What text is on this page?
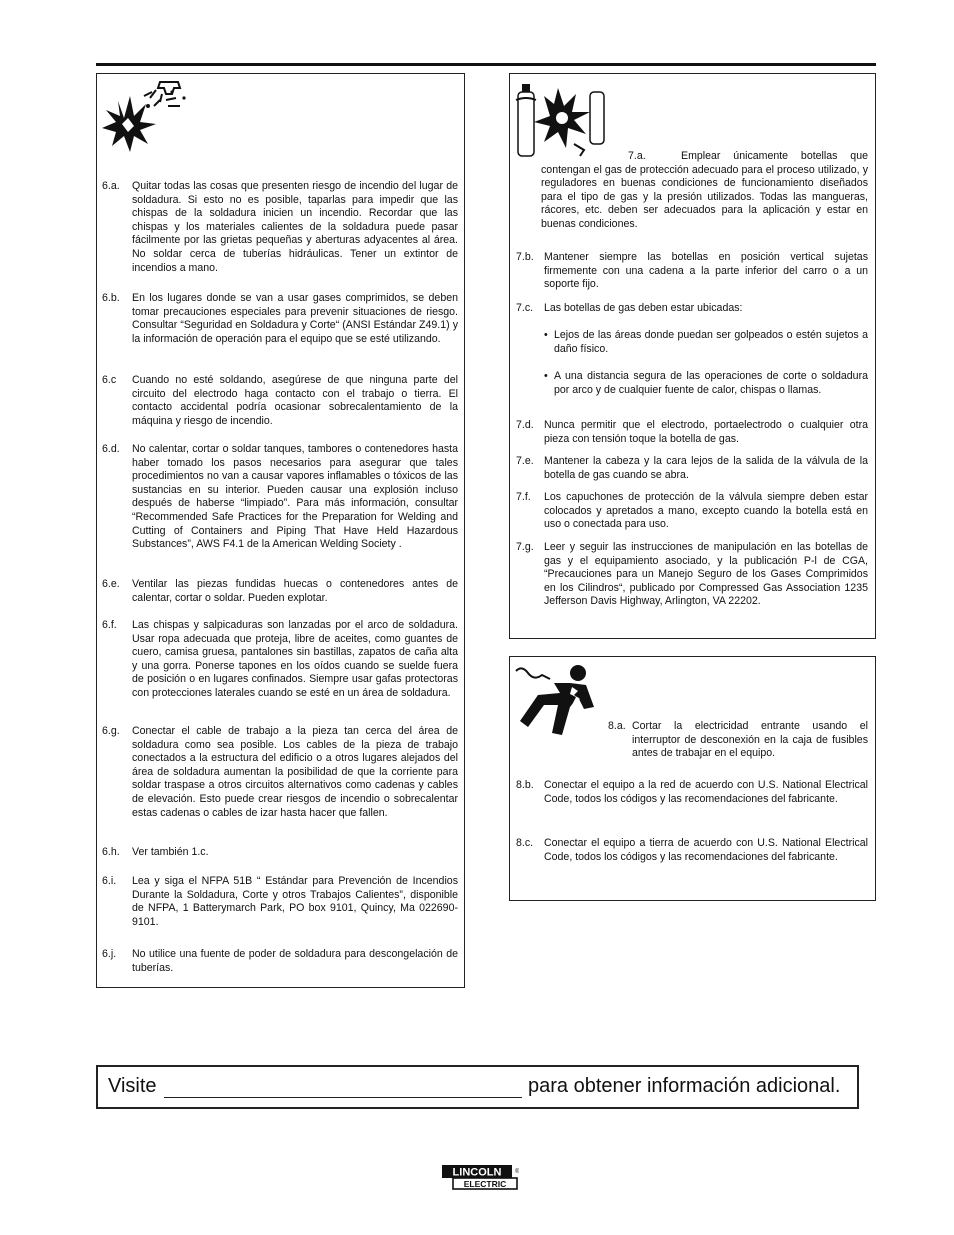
6.a. Quitar todas las cosas que presenten riesgo de incendio del lugar de soldadura. Si esto no es posible, taparlas para impedir que las chispas de la soldadura inicien un incendio. Recordar que las chispas y los materiales calientes de la soldadura puede pasar fácilmente por las grietas pequeñas y aberturas adyacentes al área. No soldar cerca de tuberías hidráulicas. Tener un extintor de incendios a mano.
6.b. En los lugares donde se van a usar gases comprimidos, se deben tomar precauciones especiales para prevenir situaciones de riesgo. Consultar “Seguridad en Soldadura y Corte“ (ANSI Estándar Z49.1) y la información de operación para el equipo que se esté utilizando.
6.c Cuando no esté soldando, asegúrese de que ninguna parte del circuito del electrodo haga contacto con el trabajo o tierra. El contacto accidental podría ocasionar sobrecalentamiento de la máquina y riesgo de incendio.
6.d. No calentar, cortar o soldar tanques, tambores o contenedores hasta haber tomado los pasos necesarios para asegurar que tales procedimientos no van a causar vapores inflamables o tóxicos de las sustancias en su interior. Pueden causar una explosión incluso después de haberse “limpiado”. Para más información, consultar “Recommended Safe Practices for the Preparation for Welding and Cutting of Containers and Piping That Have Held Hazardous Substances”, AWS F4.1 de la American Welding Society .
6.e. Ventilar las piezas fundidas huecas o contenedores antes de calentar, cortar o soldar. Pueden explotar.
6.f. Las chispas y salpicaduras son lanzadas por el arco de soldadura. Usar ropa adecuada que proteja, libre de aceites, como guantes de cuero, camisa gruesa, pantalones sin bastillas, zapatos de caña alta y una gorra. Ponerse tapones en los oídos cuando se suelde fuera de posición o en lugares confinados. Siempre usar gafas protectoras con protecciones laterales cuando se esté en un área de soldadura.
6.g. Conectar el cable de trabajo a la pieza tan cerca del área de soldadura como sea posible. Los cables de la pieza de trabajo conectados a la estructura del edificio o a otros lugares alejados del área de soldadura aumentan la posibilidad de que la corriente para soldar traspase a otros circuitos alternativos como cadenas y cables de elevación. Esto puede crear riesgos de incendio o sobrecalentar estas cadenas o cables de izar hasta hacer que fallen.
6.h. Ver también 1.c.
6.i. Lea y siga el NFPA 51B “ Estándar para Prevención de Incendios Durante la Soldadura, Corte y otros Trabajos Calientes”, disponible de NFPA, 1 Batterymarch Park, PO box 9101, Quincy, Ma 022690-9101.
6.j. No utilice una fuente de poder de soldadura para descongelación de tuberías.
7.a.	Emplear únicamente botellas que contengan el gas de protección adecuado para el proceso utilizado, y reguladores en buenas condiciones de funcionamiento diseñados para el tipo de gas y la presión utilizados. Todas las mangueras, rácores, etc. deben ser adecuados para la aplicación y estar en buenas condiciones.
7.b. Mantener siempre las botellas en posición vertical sujetas firmemente con una cadena a la parte inferior del carro o a un soporte fijo.
7.c. Las botellas de gas deben estar ubicadas:
• Lejos de las áreas donde puedan ser golpeados o estén sujetos a daño físico.
• A una distancia segura de las operaciones de corte o soldadura por arco y de cualquier fuente de calor, chispas o llamas.
7.d. Nunca permitir que el electrodo, portaelectrodo o cualquier otra pieza con tensión toque la botella de gas.
7.e. Mantener la cabeza y la cara lejos de la salida de la válvula de la botella de gas cuando se abra.
7.f. Los capuchones de protección de la válvula siempre deben estar colocados y apretados a mano, excepto cuando la botella está en uso o conectada para uso.
7.g. Leer y seguir las instrucciones de manipulación en las botellas de gas y el equipamiento asociado, y la publicación P-l de CGA, “Precauciones para un Manejo Seguro de los Gases Comprimidos en los Cilindros“, publicado por Compressed Gas Association 1235 Jefferson Davis Highway, Arlington, VA 22202.
8.a. Cortar la electricidad entrante usando el interruptor de desconexión en la caja de fusibles antes de trabajar en el equipo.
8.b. Conectar el equipo a la red de acuerdo con U.S. National Electrical Code, todos los códigos y las recomendaciones del fabricante.
8.c. Conectar el equipo a tierra de acuerdo con U.S. National Electrical Code, todos los códigos y las recomendaciones del fabricante.
Visite	para obtener información adicional.
LINCOLN
ELECTRIC
®
